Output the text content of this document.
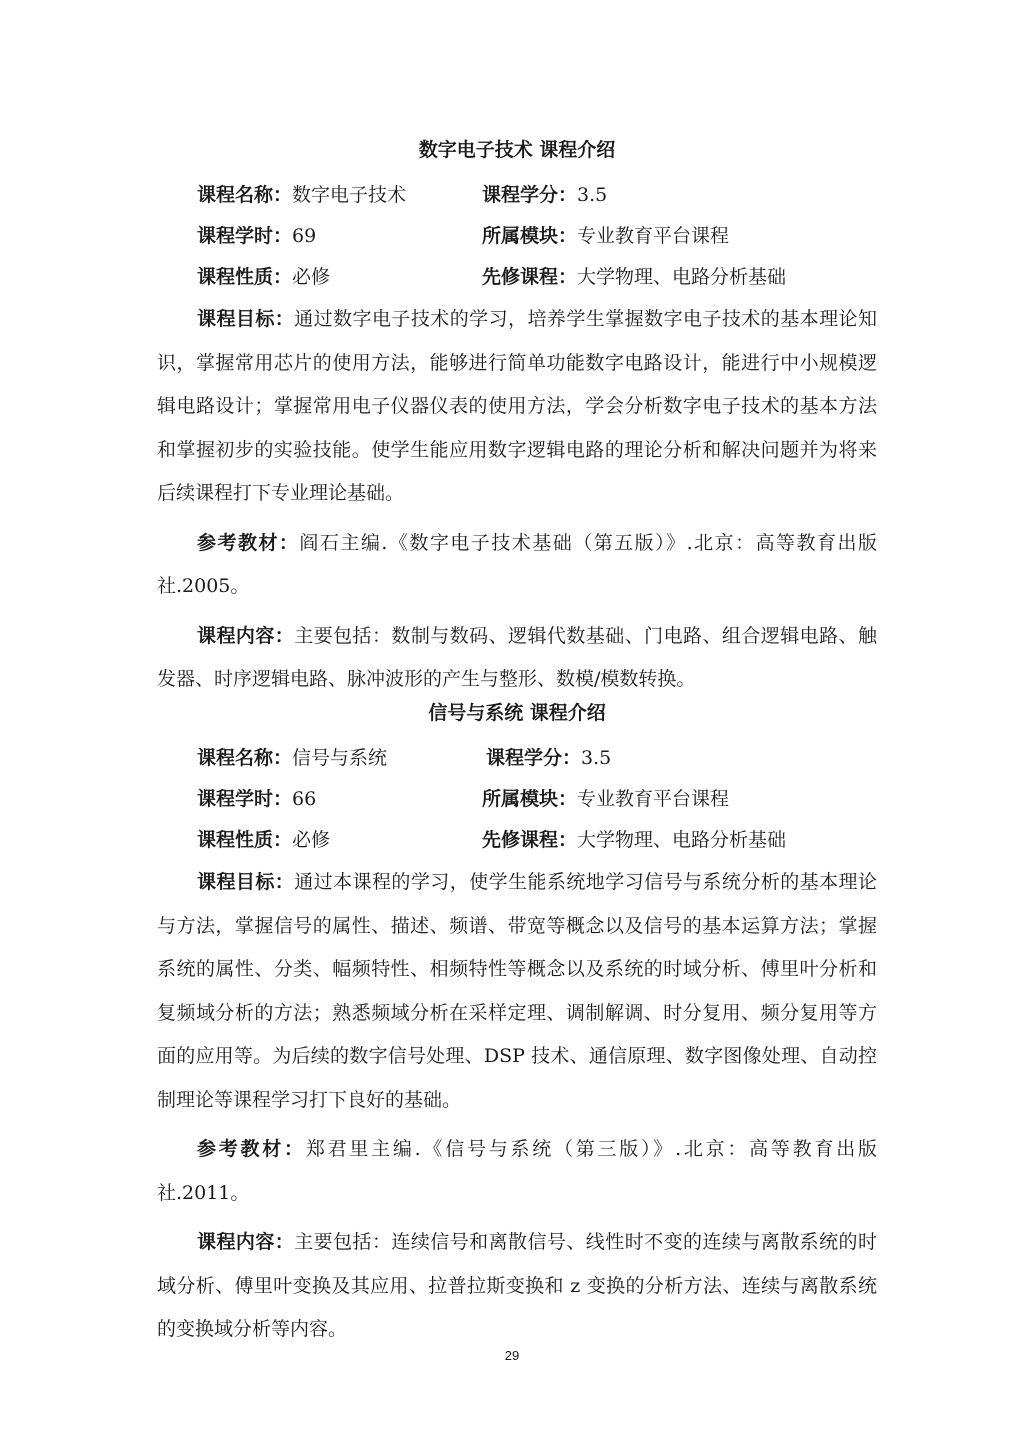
数字电子技术 课程介绍
课程名称：数字电子技术	课程学分：3.5
课程学时：69	所属模块：专业教育平台课程
课程性质：必修	先修课程：大学物理、电路分析基础

课程目标：通过数字电子技术的学习，培养学生掌握数字电子技术的基本理论知识，掌握常用芯片的使用方法，能够进行简单功能数字电路设计，能进行中小规模逻辑电路设计；掌握常用电子仪器仪表的使用方法，学会分析数字电子技术的基本方法和掌握初步的实验技能。使学生能应用数字逻辑电路的理论分析和解决问题并为将来后续课程打下专业理论基础。

参考教材：阎石主编.《数字电子技术基础（第五版）》.北京：高等教育出版社.2005。

课程内容：主要包括：数制与数码、逻辑代数基础、门电路、组合逻辑电路、触发器、时序逻辑电路、脉冲波形的产生与整形、数模/模数转换。

信号与系统 课程介绍
课程名称：信号与系统	课程学分：3.5
课程学时：66	所属模块：专业教育平台课程
课程性质：必修	先修课程：大学物理、电路分析基础

课程目标：通过本课程的学习，使学生能系统地学习信号与系统分析的基本理论与方法，掌握信号的属性、描述、频谱、带宽等概念以及信号的基本运算方法；掌握系统的属性、分类、幅频特性、相频特性等概念以及系统的时域分析、傅里叶分析和复频域分析的方法；熟悉频域分析在采样定理、调制解调、时分复用、频分复用等方面的应用等。为后续的数字信号处理、DSP 技术、通信原理、数字图像处理、自动控制理论等课程学习打下良好的基础。

参考教材：郑君里主编.《信号与系统（第三版）》.北京：高等教育出版社.2011。

课程内容：主要包括：连续信号和离散信号、线性时不变的连续与离散系统的时域分析、傅里叶变换及其应用、拉普拉斯变换和 z 变换的分析方法、连续与离散系统的变换域分析等内容。

29
